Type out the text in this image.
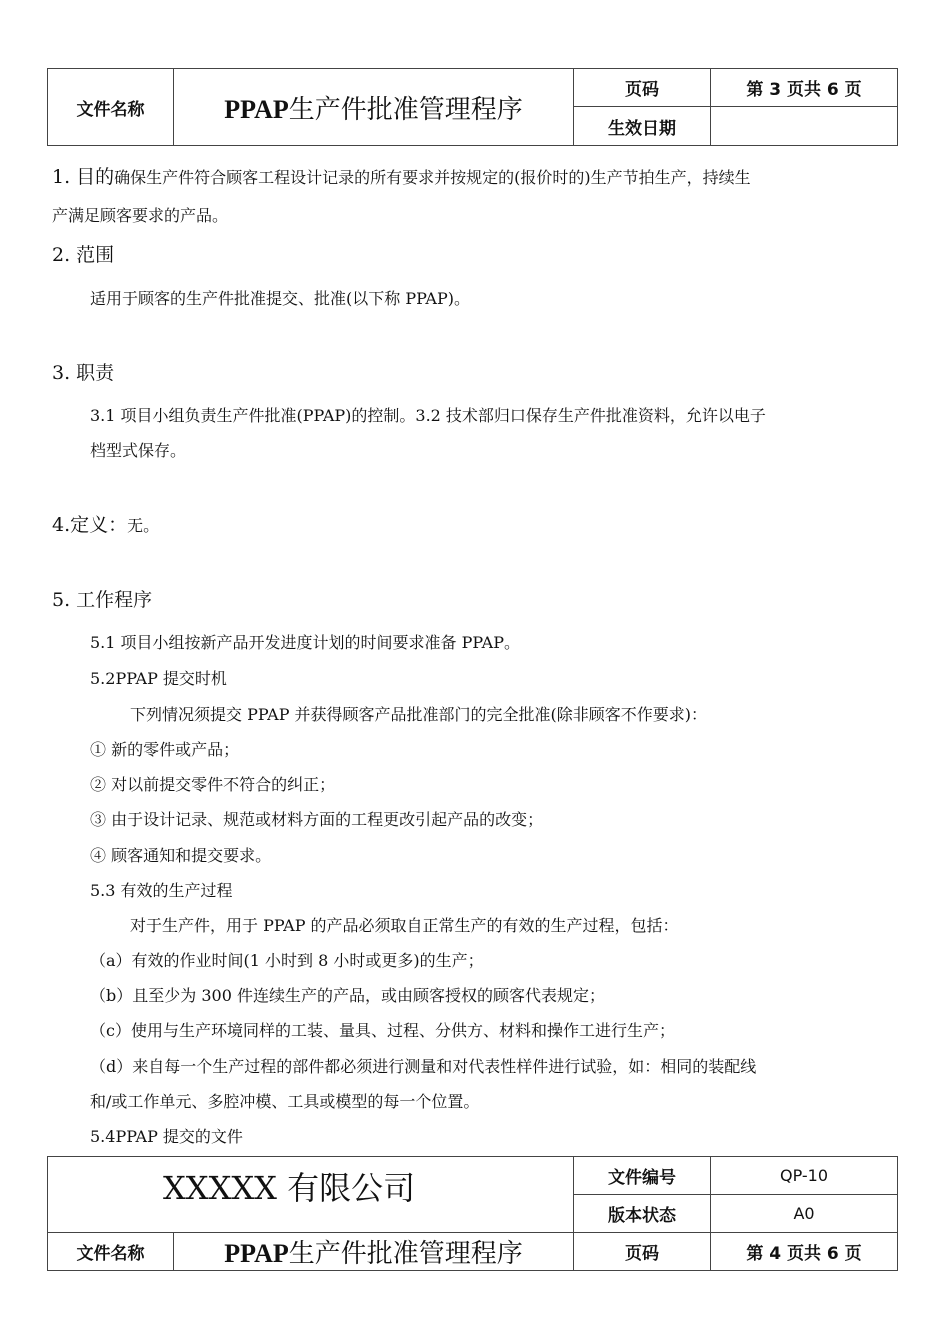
文件名称	PPAP生产件批准管理程序	页码	第 3 页共 6 页
		生效日期	
1. 目的确保生产件符合顾客工程设计记录的所有要求并按规定的(报价时的)生产节拍生产，持续生
产满足顾客要求的产品。
2. 范围
适用于顾客的生产件批准提交、批准(以下称 PPAP)。
3. 职责
3.1 项目小组负责生产件批准(PPAP)的控制。3.2 技术部归口保存生产件批准资料，允许以电子
档型式保存。
4.定义：无。
5. 工作程序
5.1 项目小组按新产品开发进度计划的时间要求准备 PPAP。
5.2PPAP 提交时机
下列情况须提交 PPAP 并获得顾客产品批准部门的完全批准(除非顾客不作要求)：
① 新的零件或产品；
② 对以前提交零件不符合的纠正；
③ 由于设计记录、规范或材料方面的工程更改引起产品的改变；
④ 顾客通知和提交要求。
5.3 有效的生产过程
对于生产件，用于 PPAP 的产品必须取自正常生产的有效的生产过程，包括：
（a）有效的作业时间(1 小时到 8 小时或更多)的生产；
（b）且至少为 300 件连续生产的产品，或由顾客授权的顾客代表规定；
（c）使用与生产环境同样的工装、量具、过程、分供方、材料和操作工进行生产；
（d）来自每一个生产过程的部件都必须进行测量和对代表性样件进行试验，如：相同的装配线
和/或工作单元、多腔冲模、工具或模型的每一个位置。
5.4PPAP 提交的文件
XXXXX 有限公司		文件编号	QP-10
		版本状态	A0
文件名称	PPAP生产件批准管理程序	页码	第 4 页共 6 页
